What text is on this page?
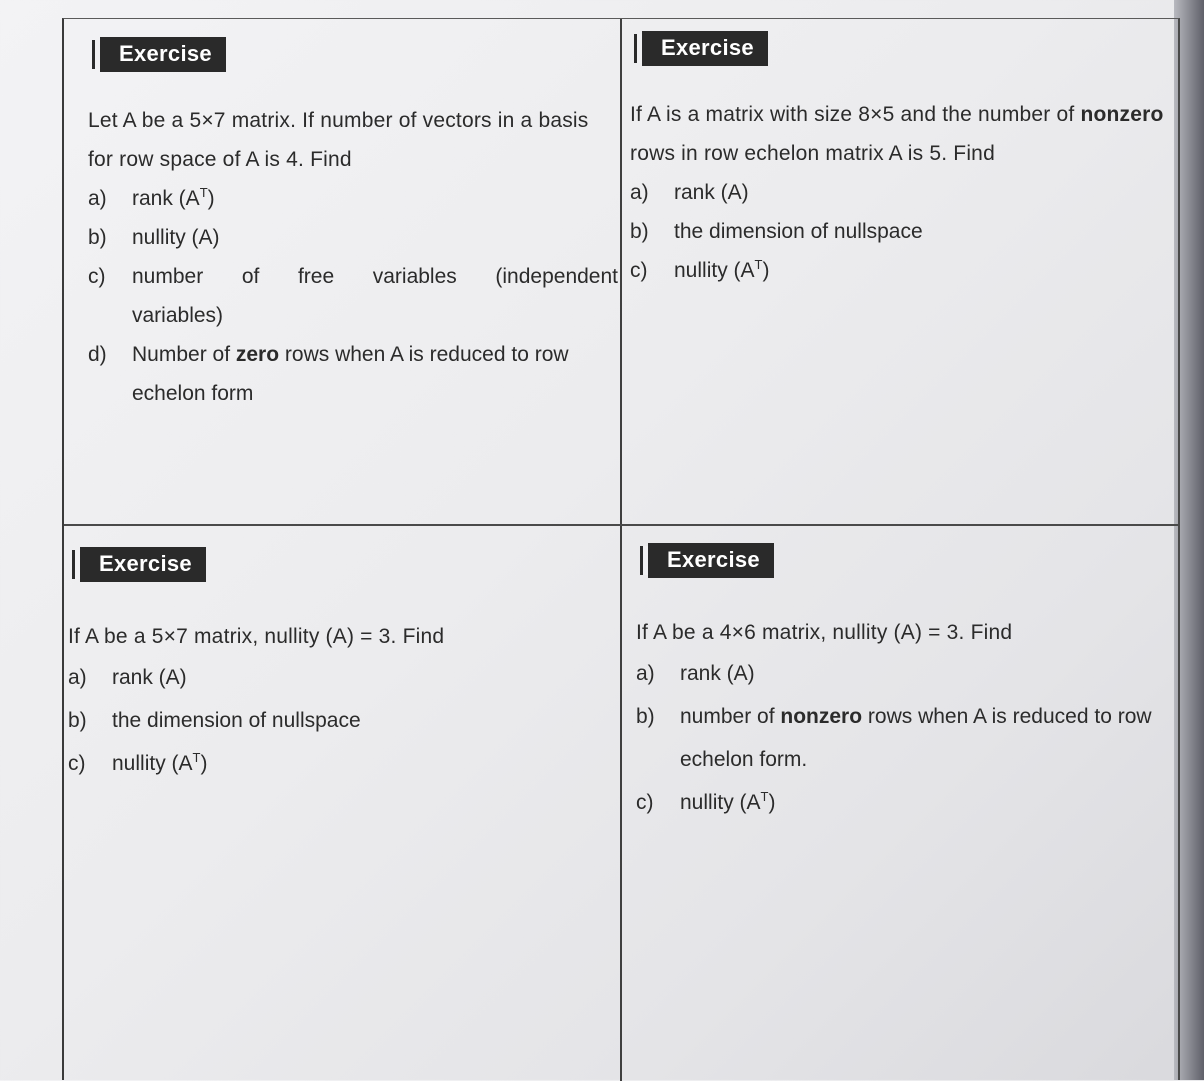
Exercise
Let A be a 5×7 matrix. If number of vectors in a basis for row space of A is 4. Find
a)	rank $(A^T)$
b)	nullity (A)
c)	number of free variables (independent
variables)
d)	Number of zero rows when A is reduced to row echelon form
Exercise
If A is a matrix with size 8×5 and the number of nonzero rows in row echelon matrix A is 5. Find
a)	rank (A)
b)	the dimension of nullspace
c)	nullity $(A^T)$
Exercise
If A be a 5×7 matrix, nullity (A) = 3. Find
a)	rank (A)
b)	the dimension of nullspace
c)	nullity $(A^T)$
Exercise
If A be a 4×6 matrix, nullity (A) = 3. Find
a)	rank (A)
b)	number of nonzero rows when A is reduced to row echelon form.
c)	nullity $(A^T)$
